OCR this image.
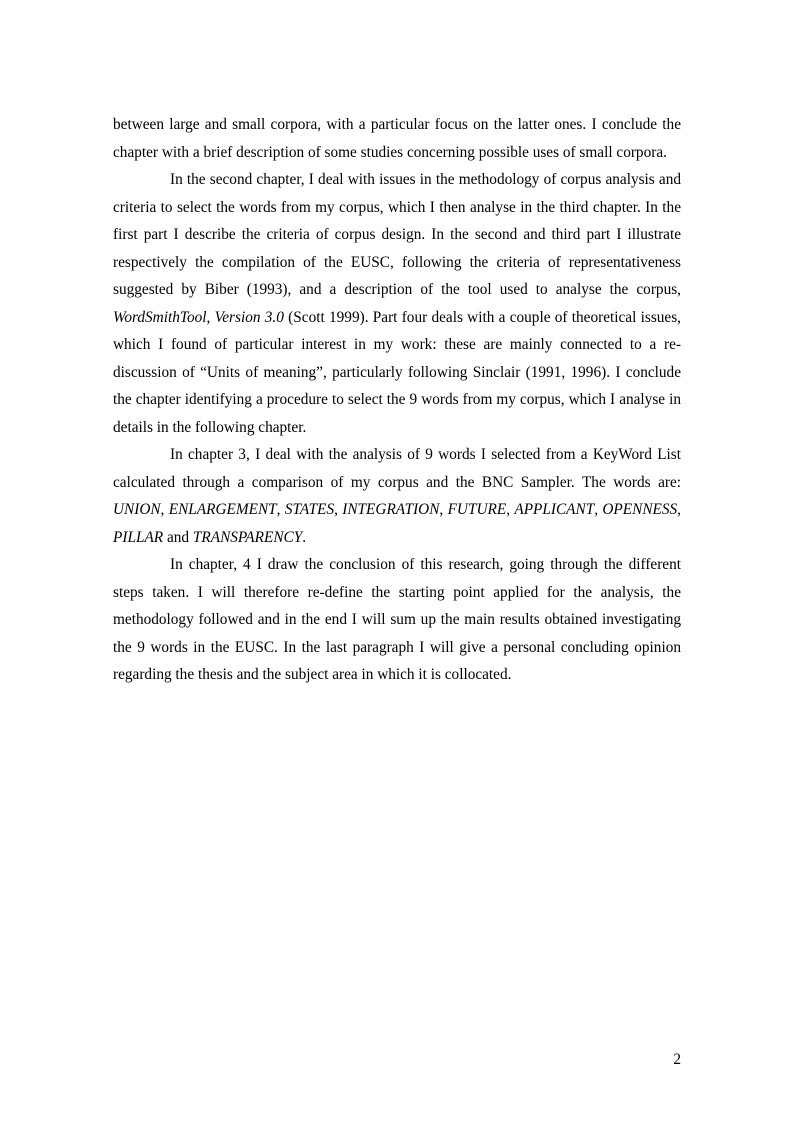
between large and small corpora, with a particular focus on the latter ones. I conclude the chapter with a brief description of some studies concerning possible uses of small corpora.

In the second chapter, I deal with issues in the methodology of corpus analysis and criteria to select the words from my corpus, which I then analyse in the third chapter. In the first part I describe the criteria of corpus design. In the second and third part I illustrate respectively the compilation of the EUSC, following the criteria of representativeness suggested by Biber (1993), and a description of the tool used to analyse the corpus, WordSmithTool, Version 3.0 (Scott 1999). Part four deals with a couple of theoretical issues, which I found of particular interest in my work: these are mainly connected to a re-discussion of “Units of meaning”, particularly following Sinclair (1991, 1996). I conclude the chapter identifying a procedure to select the 9 words from my corpus, which I analyse in details in the following chapter.

In chapter 3, I deal with the analysis of 9 words I selected from a KeyWord List calculated through a comparison of my corpus and the BNC Sampler. The words are: UNION, ENLARGEMENT, STATES, INTEGRATION, FUTURE, APPLICANT, OPENNESS, PILLAR and TRANSPARENCY.

In chapter, 4 I draw the conclusion of this research, going through the different steps taken. I will therefore re-define the starting point applied for the analysis, the methodology followed and in the end I will sum up the main results obtained investigating the 9 words in the EUSC. In the last paragraph I will give a personal concluding opinion regarding the thesis and the subject area in which it is collocated.

2
